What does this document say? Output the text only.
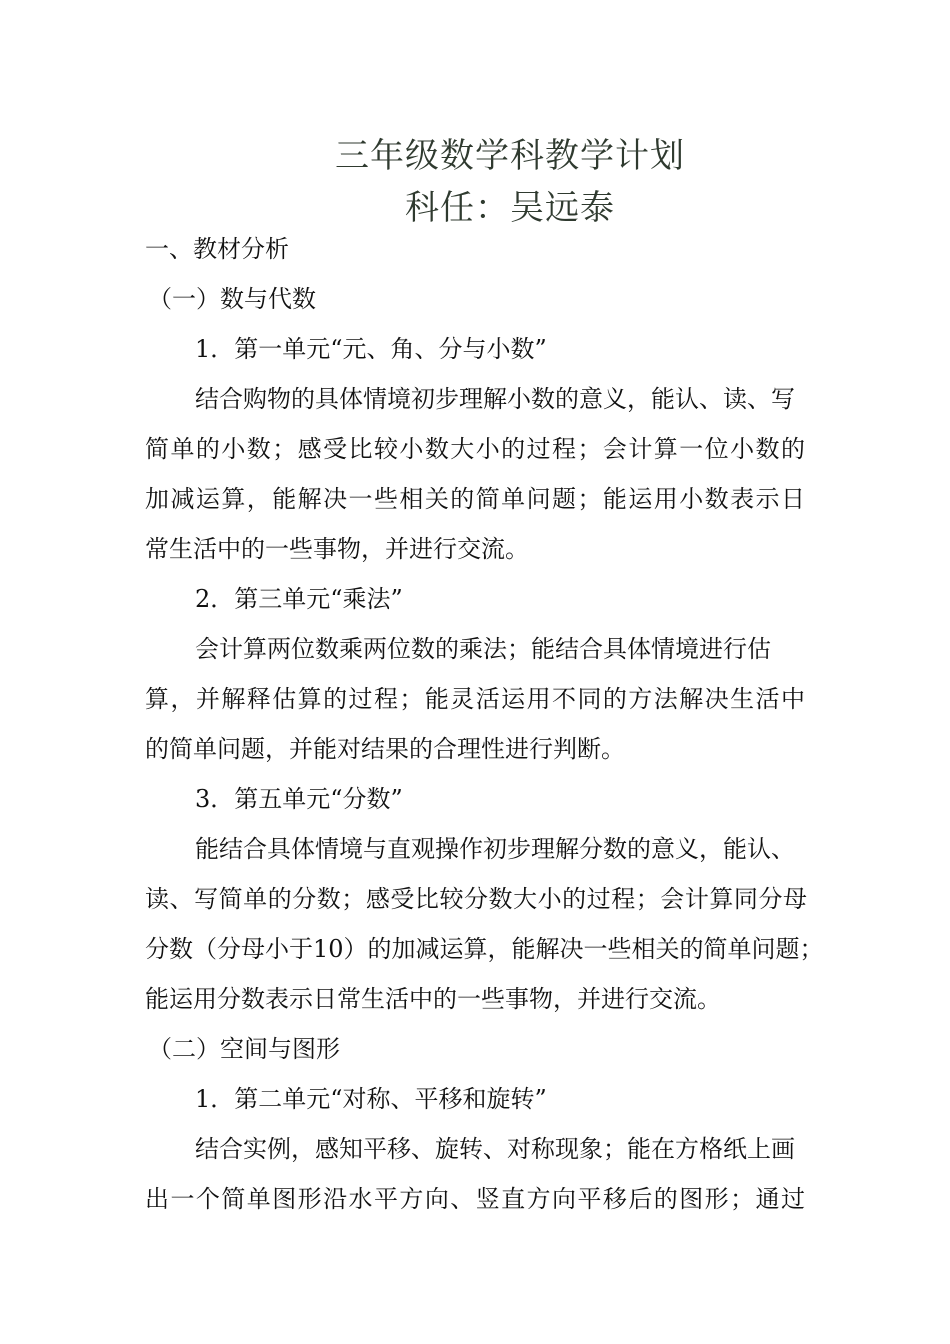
三年级数学科教学计划
科任：吴远泰
一、教材分析
（一）数与代数
1．第一单元“元、角、分与小数”
结合购物的具体情境初步理解小数的意义，能认、读、写
简单的小数；感受比较小数大小的过程；会计算一位小数的
加减运算，能解决一些相关的简单问题；能运用小数表示日
常生活中的一些事物，并进行交流。
2．第三单元“乘法”
会计算两位数乘两位数的乘法；能结合具体情境进行估
算，并解释估算的过程；能灵活运用不同的方法解决生活中
的简单问题，并能对结果的合理性进行判断。
3．第五单元“分数”
能结合具体情境与直观操作初步理解分数的意义，能认、
读、写简单的分数；感受比较分数大小的过程；会计算同分母
分数（分母小于10）的加减运算，能解决一些相关的简单问题；
能运用分数表示日常生活中的一些事物，并进行交流。
（二）空间与图形
1．第二单元“对称、平移和旋转”
结合实例，感知平移、旋转、对称现象；能在方格纸上画
出一个简单图形沿水平方向、竖直方向平移后的图形；通过
